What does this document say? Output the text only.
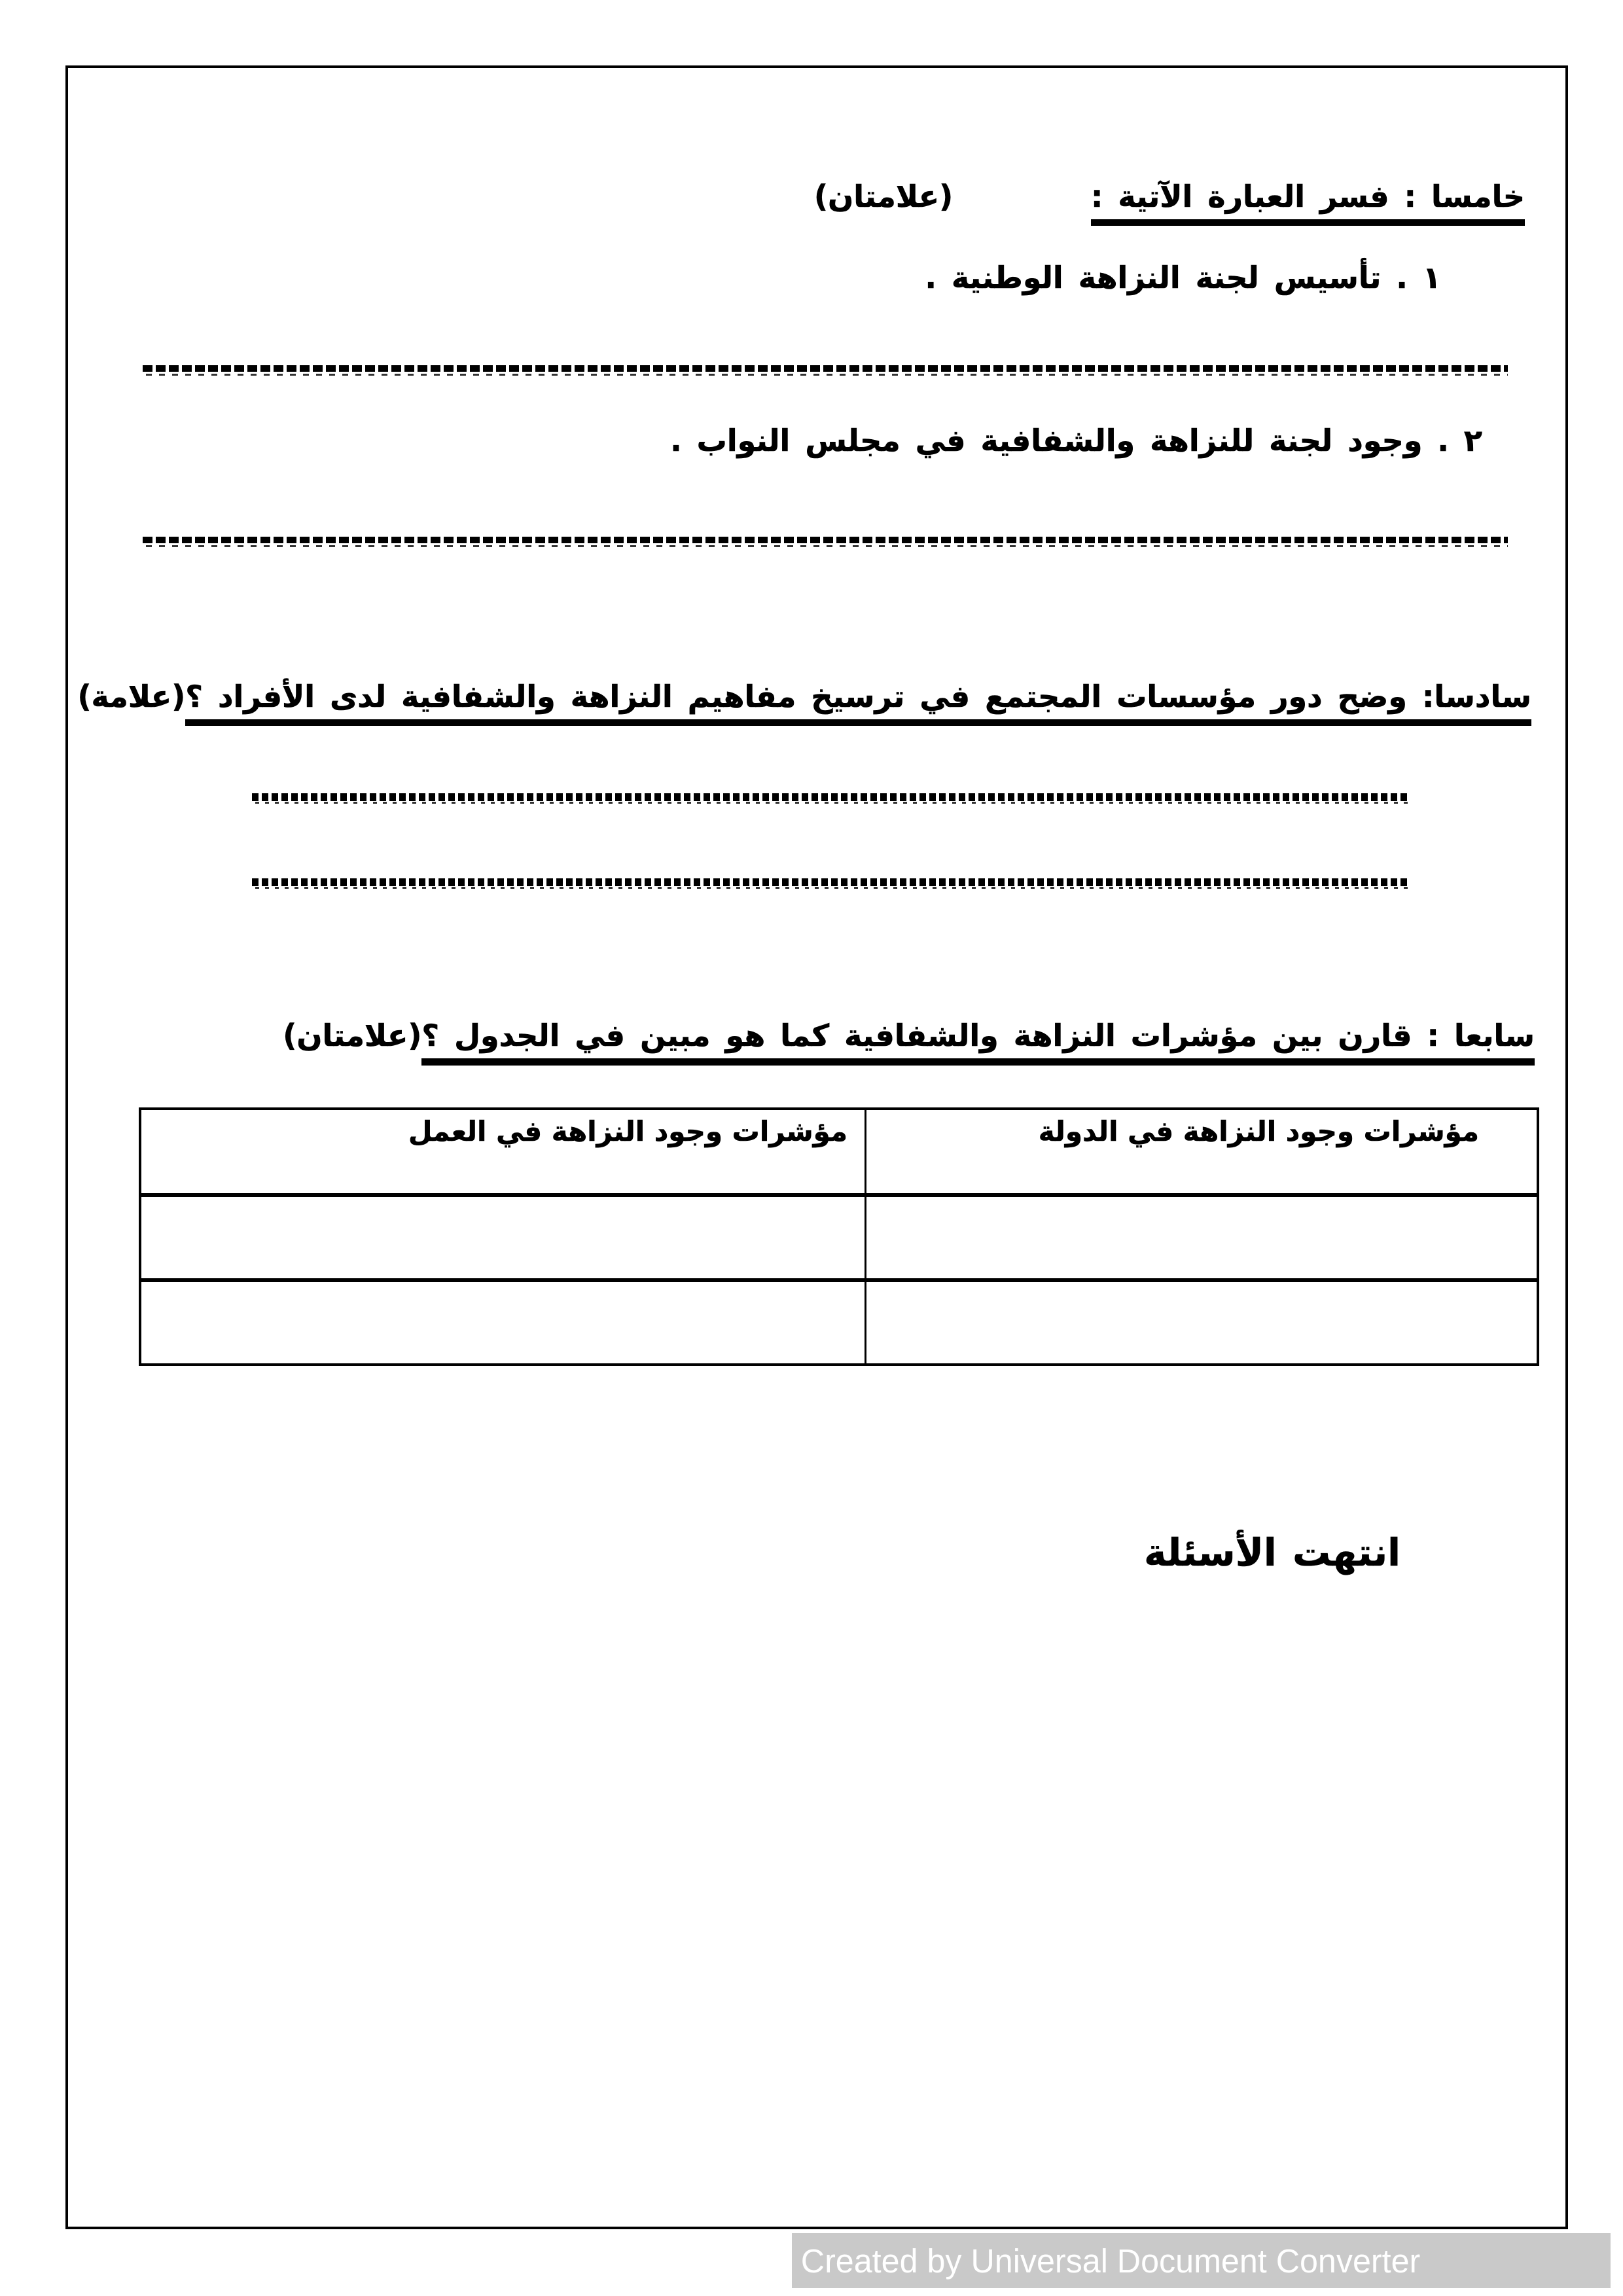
خامسا : فسر العبارة الآتية :
(علامتان)
١ . تأسيس لجنة النزاهة الوطنية .
٢ . وجود لجنة للنزاهة والشفافية في مجلس النواب .
سادسا: وضح دور مؤسسات المجتمع في ترسيخ مفاهيم النزاهة والشفافية لدى الأفراد ؟(علامة)
سابعا : قارن بين مؤشرات النزاهة والشفافية كما هو مبين في الجدول ؟(علامتان)
مؤشرات وجود النزاهة في الدولة
مؤشرات وجود النزاهة في العمل
انتهت الأسئلة
Created by Universal Document Converter
